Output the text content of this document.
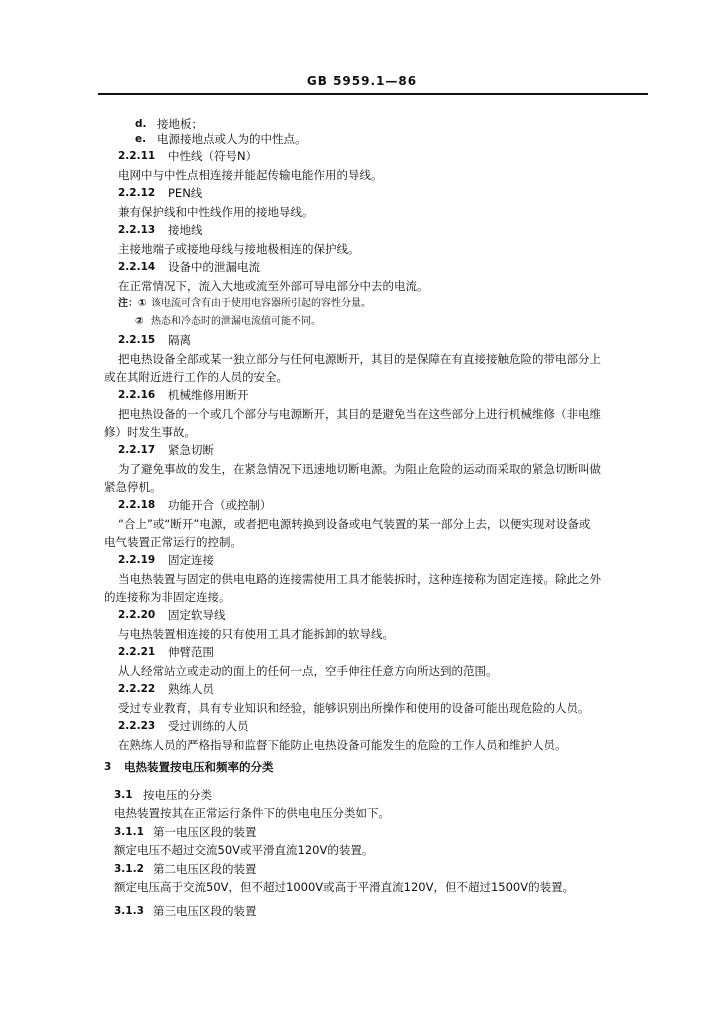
GB 5959.1—86
d. 接地板；
e. 电源接地点或人为的中性点。
2.2.11 中性线（符号N）
电网中与中性点相连接并能起传输电能作用的导线。
2.2.12 PEN线
兼有保护线和中性线作用的接地导线。
2.2.13 接地线
主接地端子或接地母线与接地极相连的保护线。
2.2.14 设备中的泄漏电流
在正常情况下，流入大地或流至外部可导电部分中去的电流。
注：① 该电流可含有由于使用电容器所引起的容性分量。
② 热态和冷态时的泄漏电流值可能不同。
2.2.15 隔离
把电热设备全部或某一独立部分与任何电源断开，其目的是保障在有直接接触危险的带电部分上
或在其附近进行工作的人员的安全。
2.2.16 机械维修用断开
把电热设备的一个或几个部分与电源断开，其目的是避免当在这些部分上进行机械维修（非电维
修）时发生事故。
2.2.17 紧急切断
为了避免事故的发生，在紧急情况下迅速地切断电源。为阻止危险的运动而采取的紧急切断叫做
紧急停机。
2.2.18 功能开合（或控制）
“合上”或“断开”电源，或者把电源转换到设备或电气装置的某一部分上去，以便实现对设备或
电气装置正常运行的控制。
2.2.19 固定连接
当电热装置与固定的供电电路的连接需使用工具才能装拆时，这种连接称为固定连接。除此之外
的连接称为非固定连接。
2.2.20 固定软导线
与电热装置相连接的只有使用工具才能拆卸的软导线。
2.2.21 伸臂范围
从人经常站立或走动的面上的任何一点，空手伸往任意方向所达到的范围。
2.2.22 熟练人员
受过专业教育，具有专业知识和经验，能够识别出所操作和使用的设备可能出现危险的人员。
2.2.23 受过训练的人员
在熟练人员的严格指导和监督下能防止电热设备可能发生的危险的工作人员和维护人员。
3 电热装置按电压和频率的分类
3.1 按电压的分类
电热装置按其在正常运行条件下的供电电压分类如下。
3.1.1 第一电压区段的装置
额定电压不超过交流50V或平滑直流120V的装置。
3.1.2 第二电压区段的装置
额定电压高于交流50V，但不超过1000V或高于平滑直流120V，但不超过1500V的装置。
3.1.3 第三电压区段的装置
